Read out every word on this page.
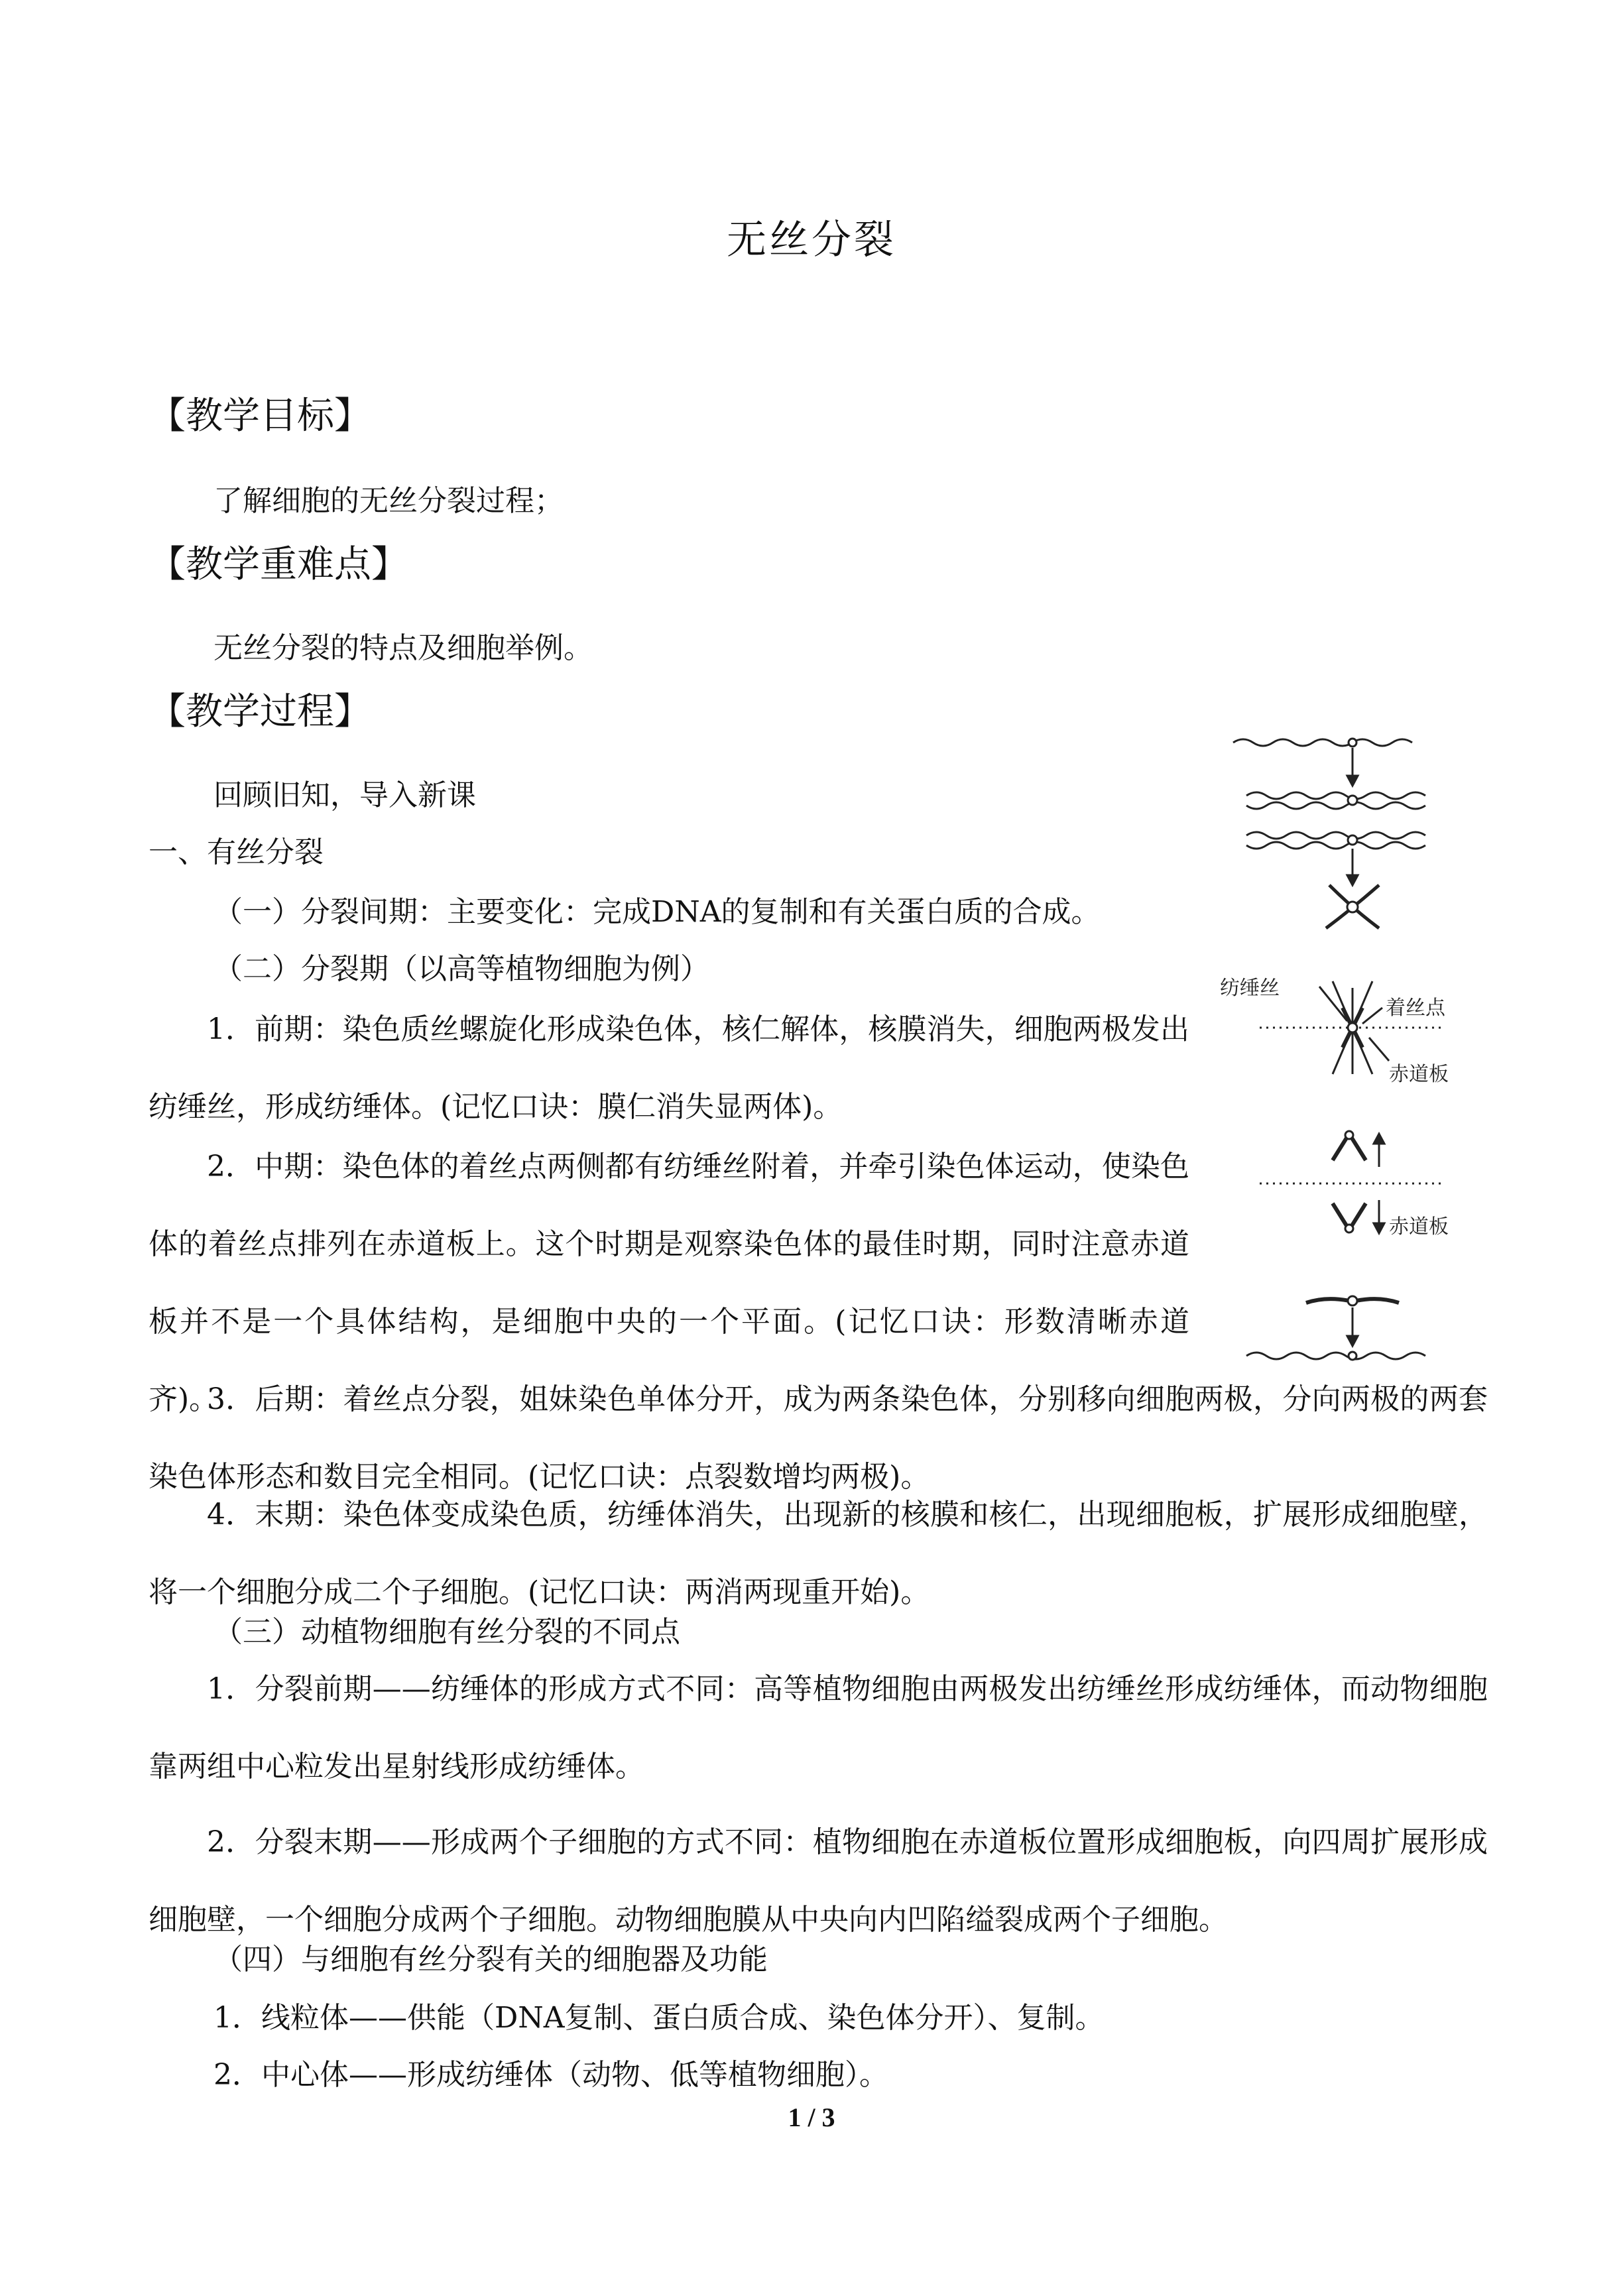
无丝分裂
【教学目标】
了解细胞的无丝分裂过程；
【教学重难点】
无丝分裂的特点及细胞举例。
【教学过程】
回顾旧知，导入新课
一、有丝分裂
（一）分裂间期：主要变化：完成DNA的复制和有关蛋白质的合成。
（二）分裂期（以高等植物细胞为例）
1．前期：染色质丝螺旋化形成染色体，核仁解体，核膜消失，细胞两极发出纺缍丝，形成纺缍体。(记忆口诀：膜仁消失显两体)。
2．中期：染色体的着丝点两侧都有纺缍丝附着，并牵引染色体运动，使染色体的着丝点排列在赤道板上。这个时期是观察染色体的最佳时期，同时注意赤道板并不是一个具体结构，是细胞中央的一个平面。(记忆口诀：形数清晰赤道齐)。
3．后期：着丝点分裂，姐妹染色单体分开，成为两条染色体，分别移向细胞两极，分向两极的两套染色体形态和数目完全相同。(记忆口诀：点裂数增均两极)。
4．末期：染色体变成染色质，纺缍体消失，出现新的核膜和核仁，出现细胞板，扩展形成细胞壁，将一个细胞分成二个子细胞。(记忆口诀：两消两现重开始)。
（三）动植物细胞有丝分裂的不同点
1．分裂前期——纺缍体的形成方式不同：高等植物细胞由两极发出纺缍丝形成纺缍体，而动物细胞靠两组中心粒发出星射线形成纺缍体。
2．分裂末期——形成两个子细胞的方式不同：植物细胞在赤道板位置形成细胞板，向四周扩展形成细胞壁，一个细胞分成两个子细胞。动物细胞膜从中央向内凹陷缢裂成两个子细胞。
（四）与细胞有丝分裂有关的细胞器及功能
1．线粒体——供能（DNA复制、蛋白质合成、染色体分开）、复制。
2．中心体——形成纺缍体（动物、低等植物细胞）。
纺缍丝
着丝点
赤道板
赤道板
1 / 3
